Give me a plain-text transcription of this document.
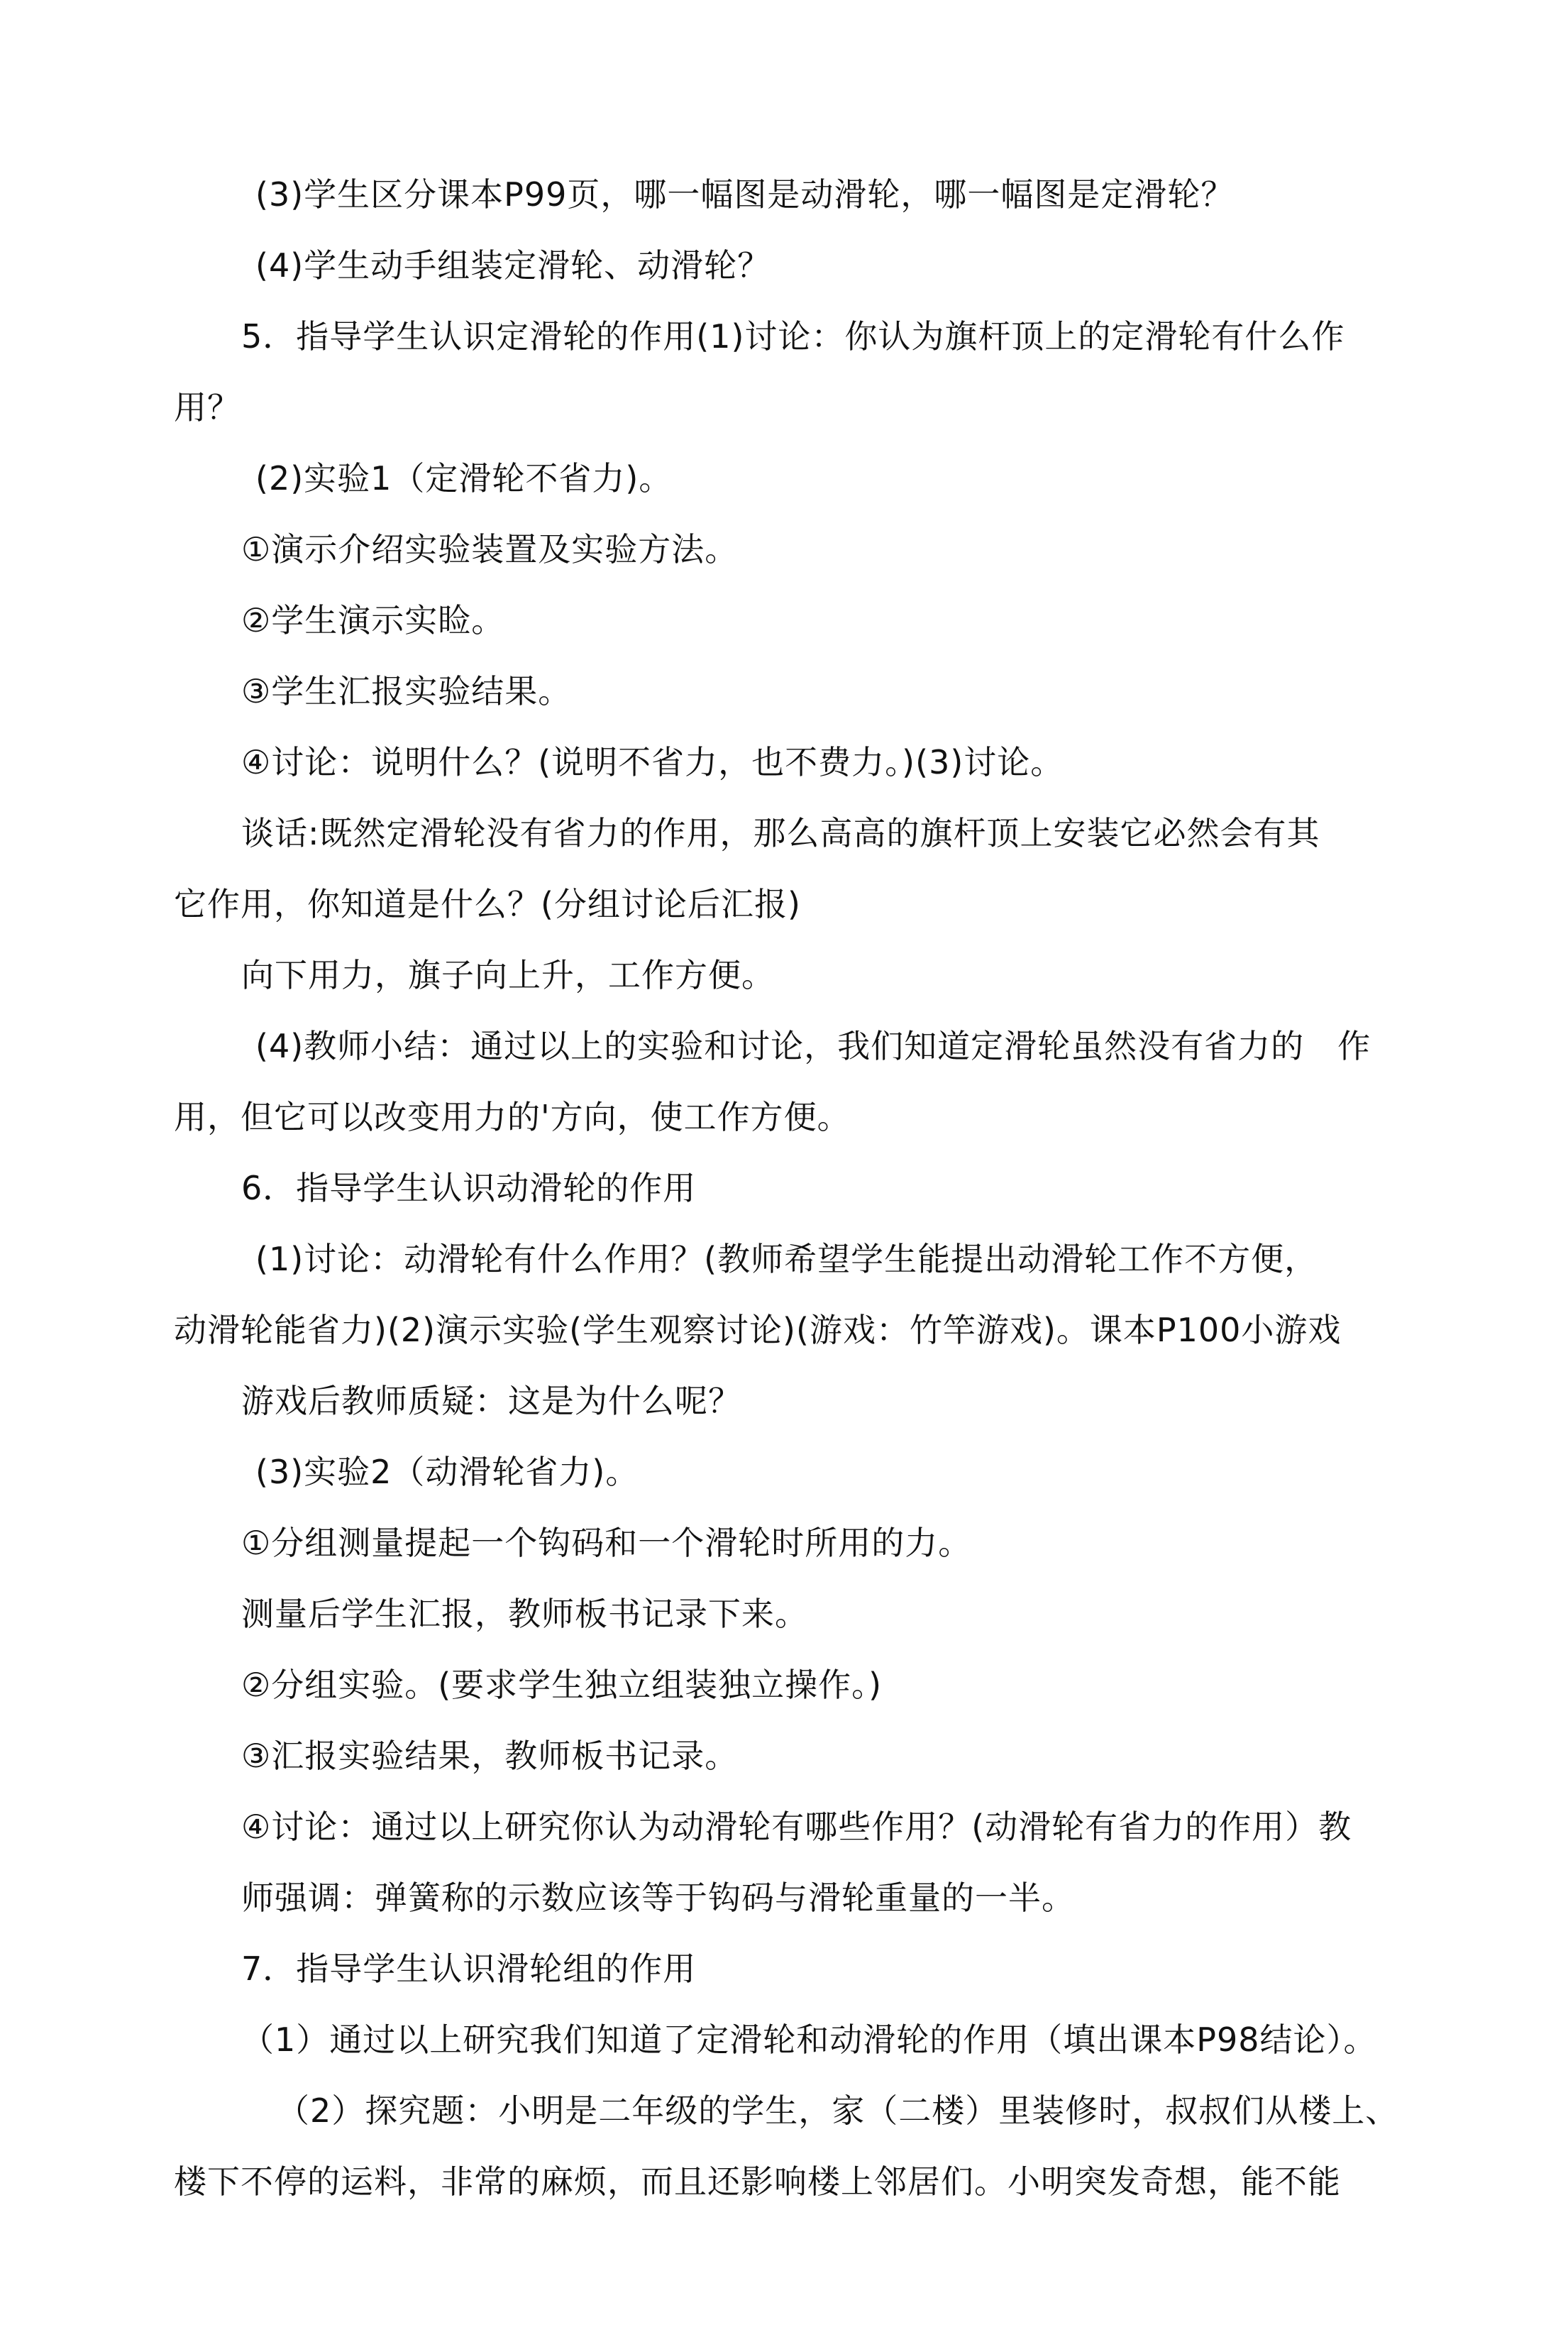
(3)学生区分课本P99页，哪一幅图是动滑轮，哪一幅图是定滑轮？
(4)学生动手组装定滑轮、动滑轮？
5．指导学生认识定滑轮的作用(1)讨论：你认为旗杆顶上的定滑轮有什么作
用？
(2)实验1（定滑轮不省力)。
①演示介绍实验装置及实验方法。
②学生演示实睑。
③学生汇报实验结果。
④讨论：说明什么？(说明不省力，也不费力。)(3)讨论。
谈话:既然定滑轮没有省力的作用，那么高高的旗杆顶上安装它必然会有其
它作用，你知道是什么？(分组讨论后汇报)
向下用力，旗子向上升，工作方便。
(4)教师小结：通过以上的实验和讨论，我们知道定滑轮虽然没有省力的　作
用，但它可以改变用力的'方向，使工作方便。
6．指导学生认识动滑轮的作用
(1)讨论：动滑轮有什么作用？(教师希望学生能提出动滑轮工作不方便，
动滑轮能省力)(2)演示实验(学生观察讨论)(游戏：竹竿游戏)。课本P100小游戏
游戏后教师质疑：这是为什么呢？
(3)实验2（动滑轮省力)。
①分组测量提起一个钩码和一个滑轮时所用的力。
测量后学生汇报，教师板书记录下来。
②分组实验。(要求学生独立组装独立操作。)
③汇报实验结果，教师板书记录。
④讨论：通过以上研究你认为动滑轮有哪些作用？(动滑轮有省力的作用）教
师强调：弹簧称的示数应该等于钩码与滑轮重量的一半。
7．指导学生认识滑轮组的作用
（1）通过以上研究我们知道了定滑轮和动滑轮的作用（填出课本P98结论）。
（2）探究题：小明是二年级的学生，家（二楼）里装修时，叔叔们从楼上、
楼下不停的运料，非常的麻烦，而且还影响楼上邻居们。小明突发奇想，能不能
